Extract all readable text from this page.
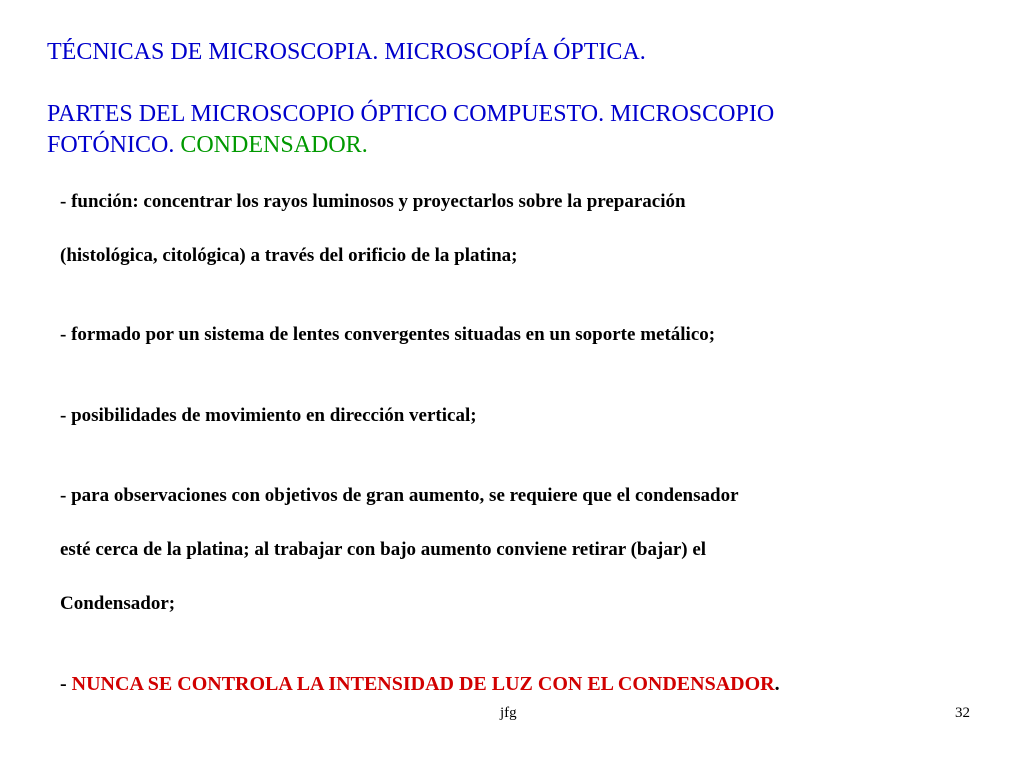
TÉCNICAS DE MICROSCOPIA. MICROSCOPÍA ÓPTICA.
PARTES DEL MICROSCOPIO ÓPTICO COMPUESTO. MICROSCOPIO
FOTÓNICO. CONDENSADOR.
- función: concentrar los rayos luminosos y proyectarlos sobre la preparación
(histológica, citológica) a través del orificio de la platina;
- formado por un sistema de lentes convergentes situadas en un soporte metálico;
- posibilidades de movimiento en dirección vertical;
- para observaciones con objetivos de gran aumento, se requiere que el condensador
esté cerca de la platina; al trabajar con bajo aumento conviene retirar (bajar) el
Condensador;
- NUNCA SE CONTROLA LA INTENSIDAD DE LUZ CON EL CONDENSADOR.
jfg	32
